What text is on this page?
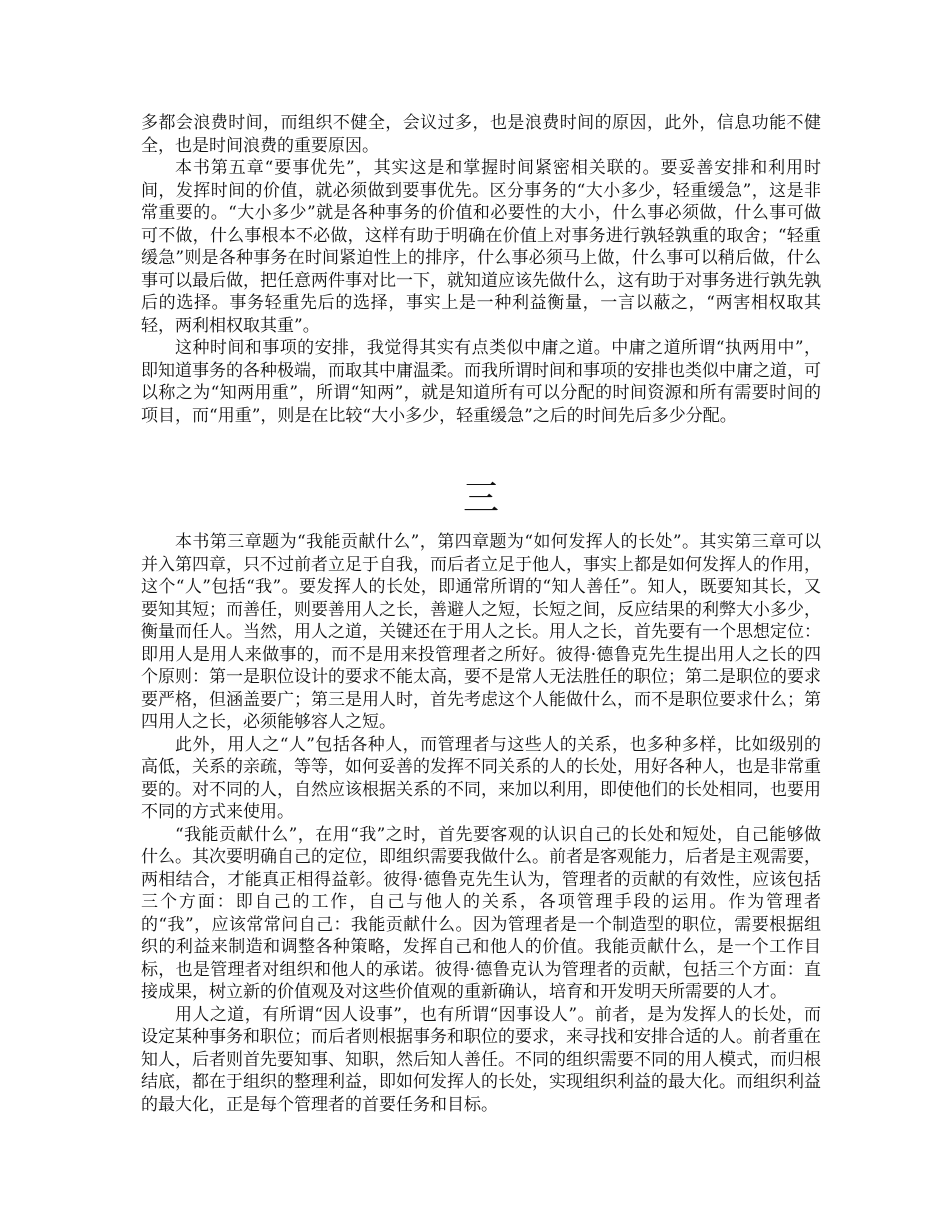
多都会浪费时间，而组织不健全，会议过多，也是浪费时间的原因，此外，信息功能不健全，也是时间浪费的重要原因。

本书第五章“要事优先”，其实这是和掌握时间紧密相关联的。要妥善安排和利用时间，发挥时间的价值，就必须做到要事优先。区分事务的“大小多少，轻重缓急”，这是非常重要的。“大小多少”就是各种事务的价值和必要性的大小，什么事必须做，什么事可做可不做，什么事根本不必做，这样有助于明确在价值上对事务进行孰轻孰重的取舍；“轻重缓急”则是各种事务在时间紧迫性上的排序，什么事必须马上做，什么事可以稍后做，什么事可以最后做，把任意两件事对比一下，就知道应该先做什么，这有助于对事务进行孰先孰后的选择。事务轻重先后的选择，事实上是一种利益衡量，一言以蔽之，“两害相权取其轻，两利相权取其重”。

这种时间和事项的安排，我觉得其实有点类似中庸之道。中庸之道所谓“执两用中”，即知道事务的各种极端，而取其中庸温柔。而我所谓时间和事项的安排也类似中庸之道，可以称之为“知两用重”，所谓“知两”，就是知道所有可以分配的时间资源和所有需要时间的项目，而“用重”，则是在比较“大小多少，轻重缓急”之后的时间先后多少分配。

三

本书第三章题为“我能贡献什么”，第四章题为“如何发挥人的长处”。其实第三章可以并入第四章，只不过前者立足于自我，而后者立足于他人，事实上都是如何发挥人的作用，这个“人”包括“我”。要发挥人的长处，即通常所谓的“知人善任”。知人，既要知其长，又要知其短；而善任，则要善用人之长，善避人之短，长短之间，反应结果的利弊大小多少，衡量而任人。当然，用人之道，关键还在于用人之长。用人之长，首先要有一个思想定位：即用人是用人来做事的，而不是用来投管理者之所好。彼得·德鲁克先生提出用人之长的四个原则：第一是职位设计的要求不能太高，要不是常人无法胜任的职位；第二是职位的要求要严格，但涵盖要广；第三是用人时，首先考虑这个人能做什么，而不是职位要求什么；第四用人之长，必须能够容人之短。

此外，用人之“人”包括各种人，而管理者与这些人的关系，也多种多样，比如级别的高低，关系的亲疏，等等，如何妥善的发挥不同关系的人的长处，用好各种人，也是非常重要的。对不同的人，自然应该根据关系的不同，来加以利用，即使他们的长处相同，也要用不同的方式来使用。

“我能贡献什么”，在用“我”之时，首先要客观的认识自己的长处和短处，自己能够做什么。其次要明确自己的定位，即组织需要我做什么。前者是客观能力，后者是主观需要，两相结合，才能真正相得益彰。彼得·德鲁克先生认为，管理者的贡献的有效性，应该包括三个方面：即自己的工作，自己与他人的关系，各项管理手段的运用。作为管理者的“我”，应该常常问自己：我能贡献什么。因为管理者是一个制造型的职位，需要根据组织的利益来制造和调整各种策略，发挥自己和他人的价值。我能贡献什么，是一个工作目标，也是管理者对组织和他人的承诺。彼得·德鲁克认为管理者的贡献，包括三个方面：直接成果，树立新的价值观及对这些价值观的重新确认，培育和开发明天所需要的人才。

用人之道，有所谓“因人设事”，也有所谓“因事设人”。前者，是为发挥人的长处，而设定某种事务和职位；而后者则根据事务和职位的要求，来寻找和安排合适的人。前者重在知人，后者则首先要知事、知职，然后知人善任。不同的组织需要不同的用人模式，而归根结底，都在于组织的整理利益，即如何发挥人的长处，实现组织利益的最大化。而组织利益的最大化，正是每个管理者的首要任务和目标。
